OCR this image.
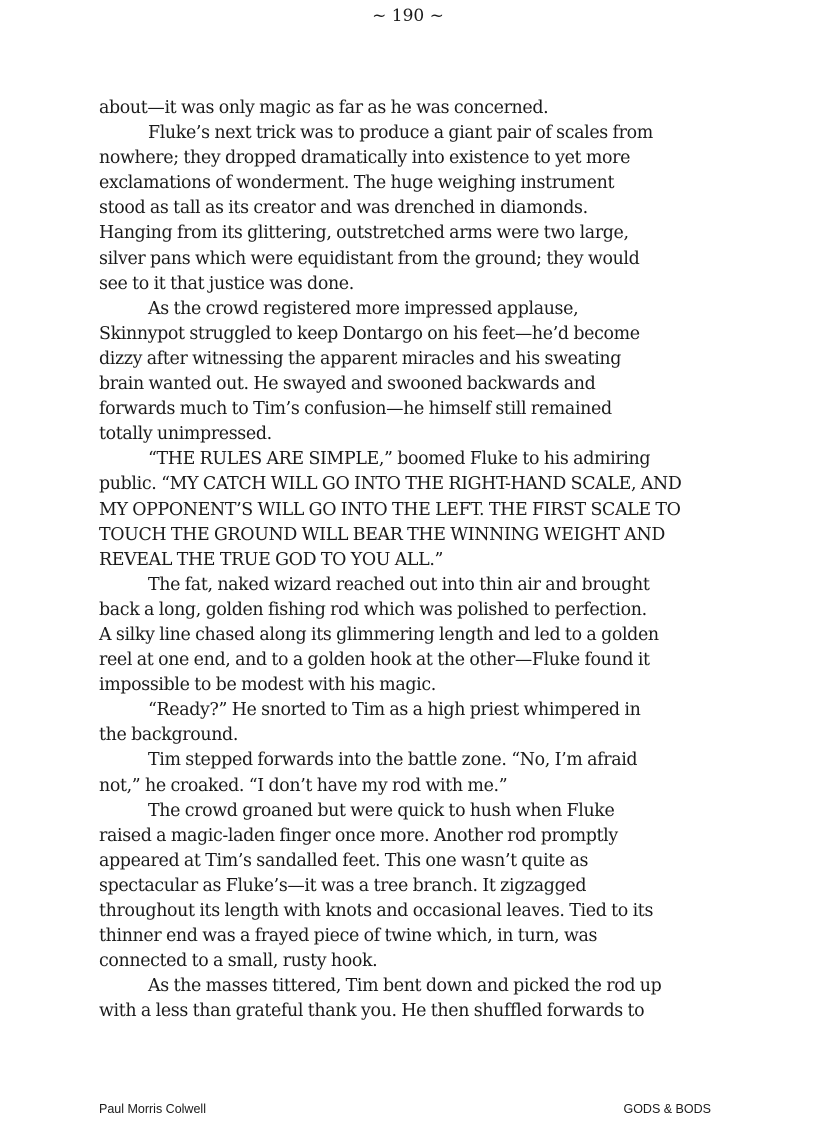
~ 190 ~
about—it was only magic as far as he was concerned.
Fluke’s next trick was to produce a giant pair of scales from
nowhere; they dropped dramatically into existence to yet more
exclamations of wonderment. The huge weighing instrument
stood as tall as its creator and was drenched in diamonds.
Hanging from its glittering, outstretched arms were two large,
silver pans which were equidistant from the ground; they would
see to it that justice was done.
As the crowd registered more impressed applause,
Skinnypot struggled to keep Dontargo on his feet—he’d become
dizzy after witnessing the apparent miracles and his sweating
brain wanted out. He swayed and swooned backwards and
forwards much to Tim’s confusion—he himself still remained
totally unimpressed.
“THE RULES ARE SIMPLE,” boomed Fluke to his admiring
public. “MY CATCH WILL GO INTO THE RIGHT-HAND SCALE, AND
MY OPPONENT’S WILL GO INTO THE LEFT. THE FIRST SCALE TO
TOUCH THE GROUND WILL BEAR THE WINNING WEIGHT AND
REVEAL THE TRUE GOD TO YOU ALL.”
The fat, naked wizard reached out into thin air and brought
back a long, golden fishing rod which was polished to perfection.
A silky line chased along its glimmering length and led to a golden
reel at one end, and to a golden hook at the other—Fluke found it
impossible to be modest with his magic.
“Ready?” He snorted to Tim as a high priest whimpered in
the background.
Tim stepped forwards into the battle zone. “No, I’m afraid
not,” he croaked. “I don’t have my rod with me.”
The crowd groaned but were quick to hush when Fluke
raised a magic-laden finger once more. Another rod promptly
appeared at Tim’s sandalled feet. This one wasn’t quite as
spectacular as Fluke’s—it was a tree branch. It zigzagged
throughout its length with knots and occasional leaves. Tied to its
thinner end was a frayed piece of twine which, in turn, was
connected to a small, rusty hook.
As the masses tittered, Tim bent down and picked the rod up
with a less than grateful thank you. He then shuffled forwards to
Paul Morris Colwell	GODS & BODS
